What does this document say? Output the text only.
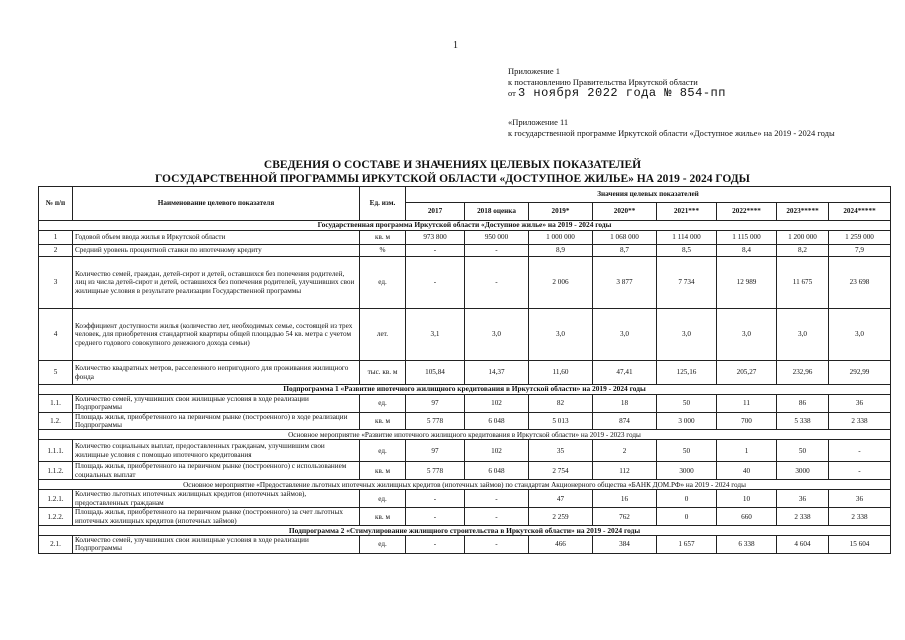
1
Приложение 1
к постановлению Правительства Иркутской области
от 3 ноября 2022 года № 854-пп
«Приложение 11
к государственной программе Иркутской области «Доступное жилье» на 2019 - 2024 годы
СВЕДЕНИЯ О СОСТАВЕ И ЗНАЧЕНИЯХ ЦЕЛЕВЫХ ПОКАЗАТЕЛЕЙ
ГОСУДАРСТВЕННОЙ ПРОГРАММЫ ИРКУТСКОЙ ОБЛАСТИ «ДОСТУПНОЕ ЖИЛЬЕ» НА 2019 - 2024 ГОДЫ
№ п/п	Наименование целевого показателя	Ед. изм.	Значения целевых показателей							
			2017	2018 оценка	2019*	2020**	2021***	2022****	2023*****	2024*****
Государственная программа Иркутской области «Доступное жилье» на 2019 - 2024 годы										
1	Годовой объем ввода жилья в Иркутской области	кв. м	973 800	950 000	1 000 000	1 068 000	1 114 000	1 115 000	1 200 000	1 259 000
2	Средний уровень процентной ставки по ипотечному кредиту	%	-	-	8,9	8,7	8,5	8,4	8,2	7,9
3	Количество семей, граждан, детей-сирот и детей, оставшихся без попечения родителей, лиц из числа детей-сирот и детей, оставшихся без попечения родителей, улучшивших свои жилищные условия в результате реализации Государственной программы	ед.	-	-	2 006	3 877	7 734	12 989	11 675	23 698
4	Коэффициент доступности жилья (количество лет, необходимых семье, состоящей из трех человек, для приобретения стандартной квартиры общей площадью 54 кв. метра с учетом среднего годового совокупного денежного дохода семьи)	лет.	3,1	3,0	3,0	3,0	3,0	3,0	3,0	3,0
5	Количество квадратных метров, расселенного непригодного для проживания жилищного фонда	тыс. кв. м	105,84	14,37	11,60	47,41	125,16	205,27	232,96	292,99
Подпрограмма 1 «Развитие ипотечного жилищного кредитования в Иркутской области» на 2019 - 2024 годы										
1.1.	Количество семей, улучшивших свои жилищные условия в ходе реализации Подпрограммы	ед.	97	102	82	18	50	11	86	36
1.2.	Площадь жилья, приобретенного на первичном рынке (построенного) в ходе реализации Подпрограммы	кв. м	5 778	6 048	5 013	874	3 000	700	5 338	2 338
Основное мероприятие «Развитие ипотечного жилищного кредитования в Иркутской области» на 2019 - 2023 годы										
1.1.1.	Количество социальных выплат, предоставленных гражданам, улучшившим свои жилищные условия с помощью ипотечного кредитования	ед.	97	102	35	2	50	1	50	-
1.1.2.	Площадь жилья, приобретенного на первичном рынке (построенного) с использованием социальных выплат	кв. м	5 778	6 048	2 754	112	3000	40	3000	-
Основное мероприятие «Предоставление льготных ипотечных жилищных кредитов (ипотечных займов) по стандартам Акционерного общества «БАНК ДОМ.РФ» на 2019 - 2024 годы										
1.2.1.	Количество льготных ипотечных жилищных кредитов (ипотечных займов), предоставленных гражданам	ед.	-	-	47	16	0	10	36	36
1.2.2.	Площадь жилья, приобретенного на первичном рынке (построенного) за счет льготных ипотечных жилищных кредитов (ипотечных займов)	кв. м	-	-	2 259	762	0	660	2 338	2 338
Подпрограмма 2 «Стимулирование жилищного строительства в Иркутской области» на 2019 - 2024 годы										
2.1.	Количество семей, улучшивших свои жилищные условия в ходе реализации Подпрограммы	ед.	-	-	466	384	1 657	6 338	4 604	15 604
